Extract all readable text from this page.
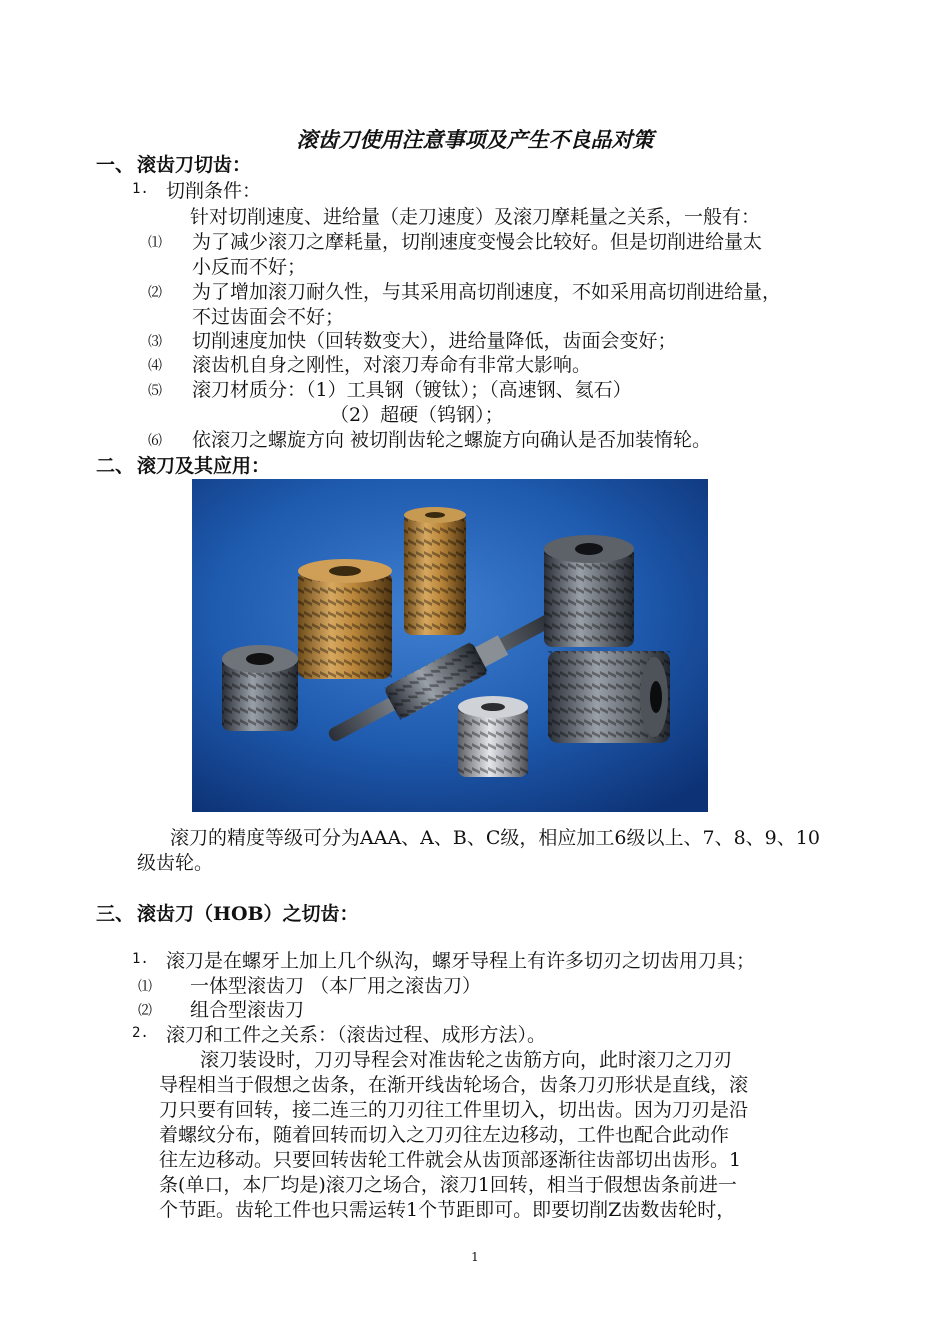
滚齿刀使用注意事项及产生不良品对策
一、 滚齿刀切齿：
1. 切削条件：
针对切削速度、进给量（走刀速度）及滚刀摩耗量之关系，一般有：
⑴ 为了减少滚刀之摩耗量，切削速度变慢会比较好。但是切削进给量太
小反而不好；
⑵ 为了增加滚刀耐久性，与其采用高切削速度，不如采用高切削进给量，
不过齿面会不好；
⑶ 切削速度加快（回转数变大），进给量降低，齿面会变好；
⑷ 滚齿机自身之刚性，对滚刀寿命有非常大影响。
⑸ 滚刀材质分：（1）工具钢（镀钛）；（高速钢、氦石）
（2）超硬（钨钢）；
⑹ 依滚刀之螺旋方向 被切削齿轮之螺旋方向确认是否加装惰轮。
二、 滚刀及其应用：
滚刀的精度等级可分为AAA、A、B、C级，相应加工6级以上、7、8、9、10
级齿轮。
三、 滚齿刀（HOB）之切齿：
1. 滚刀是在螺牙上加上几个纵沟，螺牙导程上有许多切刃之切齿用刀具；
⑴ 一体型滚齿刀 （本厂用之滚齿刀）
⑵ 组合型滚齿刀
2. 滚刀和工件之关系：（滚齿过程、成形方法）。
滚刀装设时，刀刃导程会对准齿轮之齿筋方向，此时滚刀之刀刃
导程相当于假想之齿条，在渐开线齿轮场合，齿条刀刃形状是直线，滚
刀只要有回转，接二连三的刀刃往工件里切入，切出齿。因为刀刃是沿
着螺纹分布，随着回转而切入之刀刃往左边移动，工件也配合此动作
往左边移动。只要回转齿轮工件就会从齿顶部逐渐往齿部切出齿形。1
条(单口，本厂均是)滚刀之场合，滚刀1回转，相当于假想齿条前进一
个节距。齿轮工件也只需运转1个节距即可。即要切削Z齿数齿轮时，
1
